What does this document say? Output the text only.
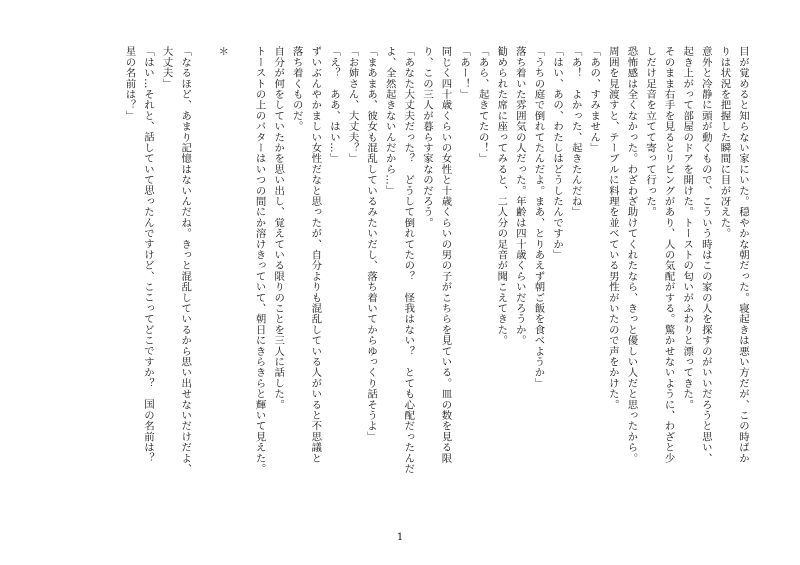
目が覚めると知らない家にいた。穏やかな朝だった。寝起きは悪い方だが、この時ばか
りは状況を把握した瞬間に目が冴えた。
意外と冷静に頭が動くもので、こういう時はこの家の人を探すのがいいだろうと思い、
起き上がって部屋のドアを開けた。トーストの匂いがふわりと漂ってきた。
そのまま右手を見るとリビングがあり、人の気配がする。驚かせないように、わざと少
しだけ足音を立てて寄って行った。
恐怖感は全くなかった。わざわざ助けてくれたなら、きっと優しい人だと思ったから。
周囲を見渡すと、テーブルに料理を並べている男性がいたので声をかけた。
「あの、すみません」
「あ！　よかった、起きたんだね」
「はい、あの、わたしはどうしたんですか」
「うちの庭で倒れてたんだよ。まあ、とりあえず朝ご飯を食べようか」
落ち着いた雰囲気の人だった。年齢は四十歳くらいだろうか。
勧められた席に座ってみると、二人分の足音が聞こえてきた。
「あら、起きてたの！」
「あー！」
同じく四十歳くらいの女性と十歳くらいの男の子がこちらを見ている。皿の数を見る限
り、この三人が暮らす家なのだろう。
「あなた大丈夫だった？　どうして倒れてたの？　怪我はない？　とても心配だったんだ
よ、全然起きないんだから…」
「まあまあ、彼女も混乱しているみたいだし、落ち着いてからゆっくり話そうよ」
「お姉さん、大丈夫？」
「え？　ああ、はい…」
ずいぶんやかましい女性だなと思ったが、自分よりも混乱している人がいると不思議と
落ち着くものだ。
自分が何をしていたかを思い出し、覚えている限りのことを三人に話した。
トーストの上のバターはいつの間にか溶けきっていて、朝日にきらきらと輝いて見えた。

＊

「なるほど、あまり記憶はないんだね。きっと混乱しているから思い出せないだけだよ、
大丈夫」
「はい…それと、話していて思ったんですけど、ここってどこですか？　国の名前は？
星の名前は？」
1
